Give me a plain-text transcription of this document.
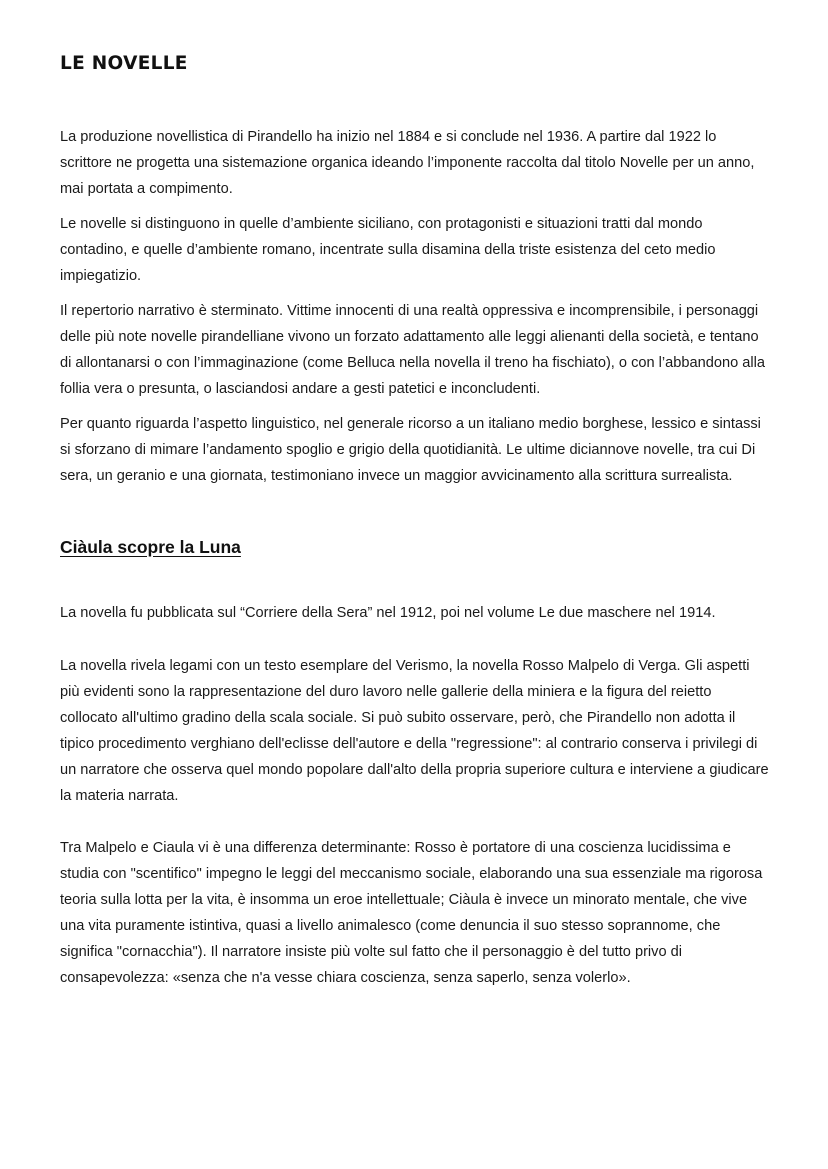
LE NOVELLE

La produzione novellistica di Pirandello ha inizio nel 1884 e si conclude nel 1936. A partire dal 1922 lo scrittore ne progetta una sistemazione organica ideando l’imponente raccolta dal titolo Novelle per un anno, mai portata a compimento.

Le novelle si distinguono in quelle d’ambiente siciliano, con protagonisti e situazioni tratti dal mondo contadino, e quelle d’ambiente romano, incentrate sulla disamina della triste esistenza del ceto medio impiegatizio.

Il repertorio narrativo è sterminato. Vittime innocenti di una realtà oppressiva e incomprensibile, i personaggi delle più note novelle pirandelliane vivono un forzato adattamento alle leggi alienanti della società, e tentano di allontanarsi o con l’immaginazione (come Belluca nella novella il treno ha fischiato), o con l’abbandono alla follia vera o presunta, o lasciandosi andare a gesti patetici e inconcludenti.

Per quanto riguarda l’aspetto linguistico, nel generale ricorso a un italiano medio borghese, lessico e sintassi si sforzano di mimare l’andamento spoglio e grigio della quotidianità. Le ultime diciannove novelle, tra cui Di sera, un geranio e una giornata, testimoniano invece un maggior avvicinamento alla scrittura surrealista.

Ciàula scopre la Luna

La novella fu pubblicata sul “Corriere della Sera” nel 1912, poi nel volume Le due maschere nel 1914.

La novella rivela legami con un testo esemplare del Verismo, la novella Rosso Malpelo di Verga. Gli aspetti più evidenti sono la rappresentazione del duro lavoro nelle gallerie della miniera e la figura del reietto collocato all'ultimo gradino della scala sociale. Si può subito osservare, però, che Pirandello non adotta il tipico procedimento verghiano dell'eclisse dell'autore e della "regressione": al contrario conserva i privilegi di un narratore che osserva quel mondo popolare dall'alto della propria superiore cultura e interviene a giudicare la materia narrata.

Tra Malpelo e Ciaula vi è una differenza determinante: Rosso è portatore di una coscienza lucidissima e studia con "scentifico" impegno le leggi del meccanismo sociale, elaborando una sua essenziale ma rigorosa teoria sulla lotta per la vita, è insomma un eroe intellettuale; Ciàula è invece un minorato mentale, che vive una vita puramente istintiva, quasi a livello animalesco (come denuncia il suo stesso soprannome, che significa "cornacchia"). Il narratore insiste più volte sul fatto che il personaggio è del tutto privo di consapevolezza: «senza che n'a vesse chiara coscienza, senza saperlo, senza volerlo».
